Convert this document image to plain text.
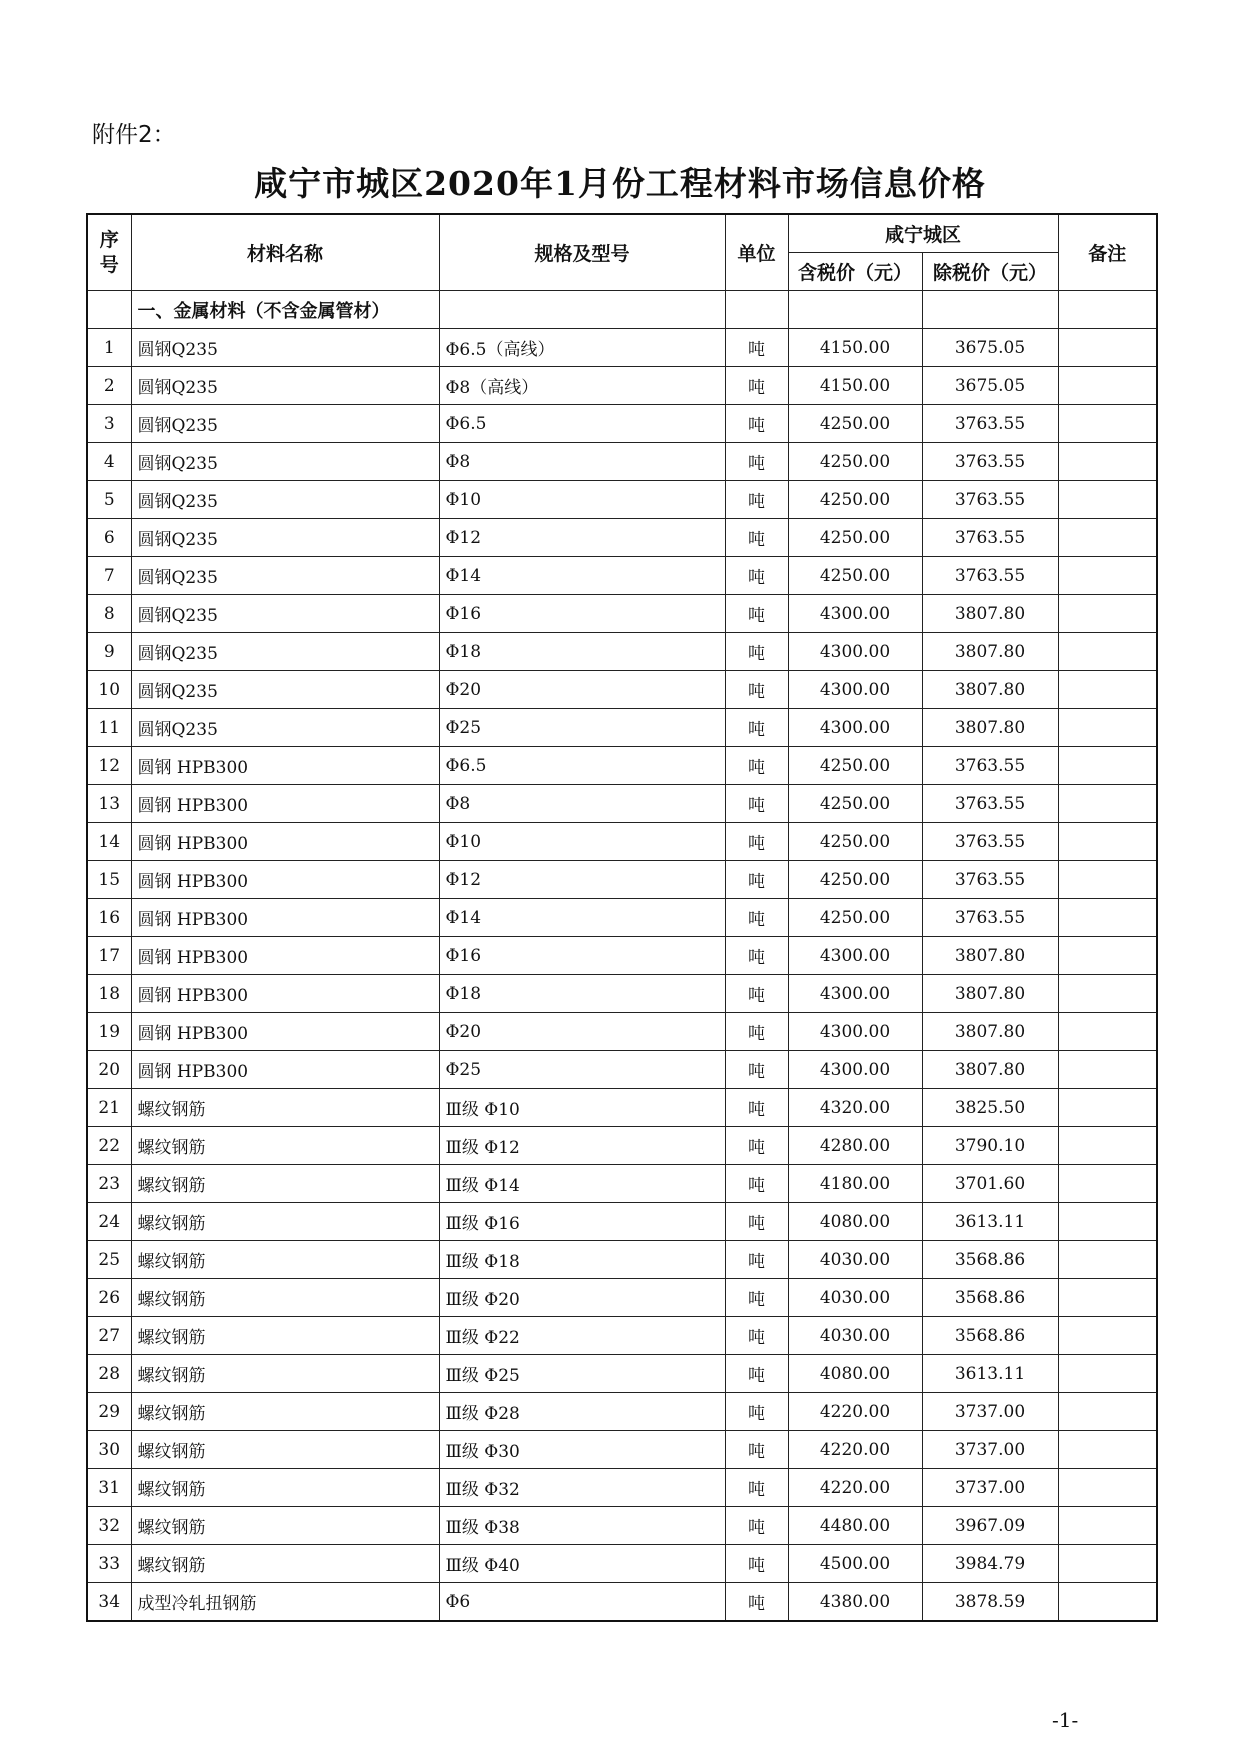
附件2：
咸宁市城区2020年1月份工程材料市场信息价格
序号	材料名称	规格及型号	单位	咸宁城区		备注
				含税价（元）	除税价（元）	
	一、金属材料（不含金属管材）					
1	圆钢Q235	Φ6.5（高线）	吨	4150.00	3675.05	
2	圆钢Q235	Φ8（高线）	吨	4150.00	3675.05	
3	圆钢Q235	Φ6.5	吨	4250.00	3763.55	
4	圆钢Q235	Φ8	吨	4250.00	3763.55	
5	圆钢Q235	Φ10	吨	4250.00	3763.55	
6	圆钢Q235	Φ12	吨	4250.00	3763.55	
7	圆钢Q235	Φ14	吨	4250.00	3763.55	
8	圆钢Q235	Φ16	吨	4300.00	3807.80	
9	圆钢Q235	Φ18	吨	4300.00	3807.80	
10	圆钢Q235	Φ20	吨	4300.00	3807.80	
11	圆钢Q235	Φ25	吨	4300.00	3807.80	
12	圆钢 HPB300	Φ6.5	吨	4250.00	3763.55	
13	圆钢 HPB300	Φ8	吨	4250.00	3763.55	
14	圆钢 HPB300	Φ10	吨	4250.00	3763.55	
15	圆钢 HPB300	Φ12	吨	4250.00	3763.55	
16	圆钢 HPB300	Φ14	吨	4250.00	3763.55	
17	圆钢 HPB300	Φ16	吨	4300.00	3807.80	
18	圆钢 HPB300	Φ18	吨	4300.00	3807.80	
19	圆钢 HPB300	Φ20	吨	4300.00	3807.80	
20	圆钢 HPB300	Φ25	吨	4300.00	3807.80	
21	螺纹钢筋	Ⅲ级 Φ10	吨	4320.00	3825.50	
22	螺纹钢筋	Ⅲ级 Φ12	吨	4280.00	3790.10	
23	螺纹钢筋	Ⅲ级 Φ14	吨	4180.00	3701.60	
24	螺纹钢筋	Ⅲ级 Φ16	吨	4080.00	3613.11	
25	螺纹钢筋	Ⅲ级 Φ18	吨	4030.00	3568.86	
26	螺纹钢筋	Ⅲ级 Φ20	吨	4030.00	3568.86	
27	螺纹钢筋	Ⅲ级 Φ22	吨	4030.00	3568.86	
28	螺纹钢筋	Ⅲ级 Φ25	吨	4080.00	3613.11	
29	螺纹钢筋	Ⅲ级 Φ28	吨	4220.00	3737.00	
30	螺纹钢筋	Ⅲ级 Φ30	吨	4220.00	3737.00	
31	螺纹钢筋	Ⅲ级 Φ32	吨	4220.00	3737.00	
32	螺纹钢筋	Ⅲ级 Φ38	吨	4480.00	3967.09	
33	螺纹钢筋	Ⅲ级 Φ40	吨	4500.00	3984.79	
34	成型冷轧扭钢筋	Φ6	吨	4380.00	3878.59	
-1-
